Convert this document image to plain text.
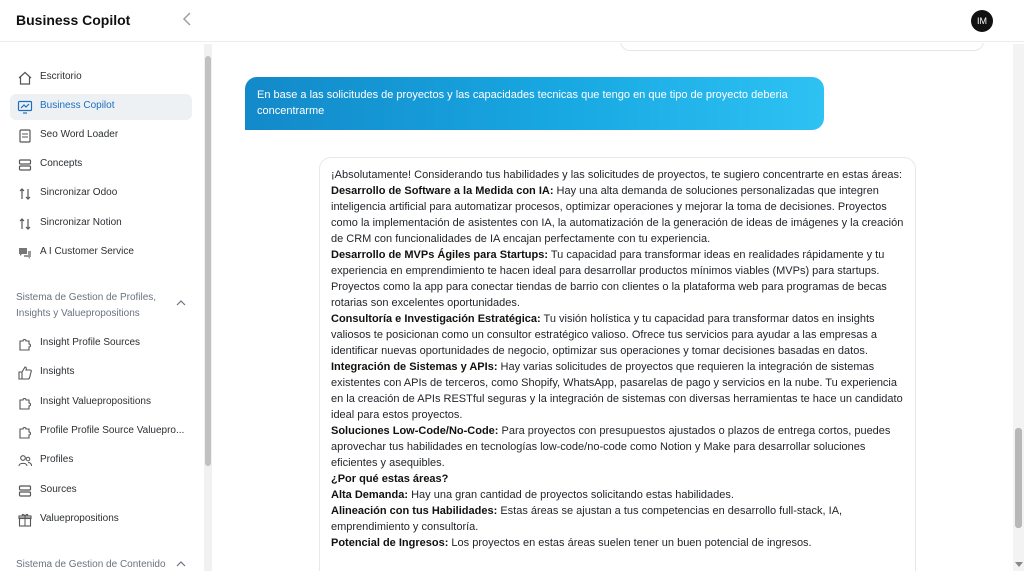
Business Copilot	IM
Escritorio
Business Copilot
Seo Word Loader
Concepts
Sincronizar Odoo
Sincronizar Notion
A I Customer Service
Sistema de Gestion de Profiles, Insights y Valuepropositions
Insight Profile Sources
Insights
Insight Valuepropositions
Profile Profile Source Valuepro...
Profiles
Sources
Valuepropositions
Sistema de Gestion de Contenido
En base a las solicitudes de proyectos y las capacidades tecnicas que tengo en que tipo de proyecto deberia concentrarme
¡Absolutamente! Considerando tus habilidades y las solicitudes de proyectos, te sugiero concentrarte en estas áreas:
Desarrollo de Software a la Medida con IA: Hay una alta demanda de soluciones personalizadas que integren inteligencia artificial para automatizar procesos, optimizar operaciones y mejorar la toma de decisiones. Proyectos como la implementación de asistentes con IA, la automatización de la generación de ideas de imágenes y la creación de CRM con funcionalidades de IA encajan perfectamente con tu experiencia.
Desarrollo de MVPs Ágiles para Startups: Tu capacidad para transformar ideas en realidades rápidamente y tu experiencia en emprendimiento te hacen ideal para desarrollar productos mínimos viables (MVPs) para startups. Proyectos como la app para conectar tiendas de barrio con clientes o la plataforma web para programas de becas rotarias son excelentes oportunidades.
Consultoría e Investigación Estratégica: Tu visión holística y tu capacidad para transformar datos en insights valiosos te posicionan como un consultor estratégico valioso. Ofrece tus servicios para ayudar a las empresas a identificar nuevas oportunidades de negocio, optimizar sus operaciones y tomar decisiones basadas en datos.
Integración de Sistemas y APIs: Hay varias solicitudes de proyectos que requieren la integración de sistemas existentes con APIs de terceros, como Shopify, WhatsApp, pasarelas de pago y servicios en la nube. Tu experiencia en la creación de APIs RESTful seguras y la integración de sistemas con diversas herramientas te hace un candidato ideal para estos proyectos.
Soluciones Low-Code/No-Code: Para proyectos con presupuestos ajustados o plazos de entrega cortos, puedes aprovechar tus habilidades en tecnologías low-code/no-code como Notion y Make para desarrollar soluciones eficientes y asequibles.
¿Por qué estas áreas?
Alta Demanda: Hay una gran cantidad de proyectos solicitando estas habilidades.
Alineación con tus Habilidades: Estas áreas se ajustan a tus competencias en desarrollo full-stack, IA, emprendimiento y consultoría.
Potencial de Ingresos: Los proyectos en estas áreas suelen tener un buen potencial de ingresos.
